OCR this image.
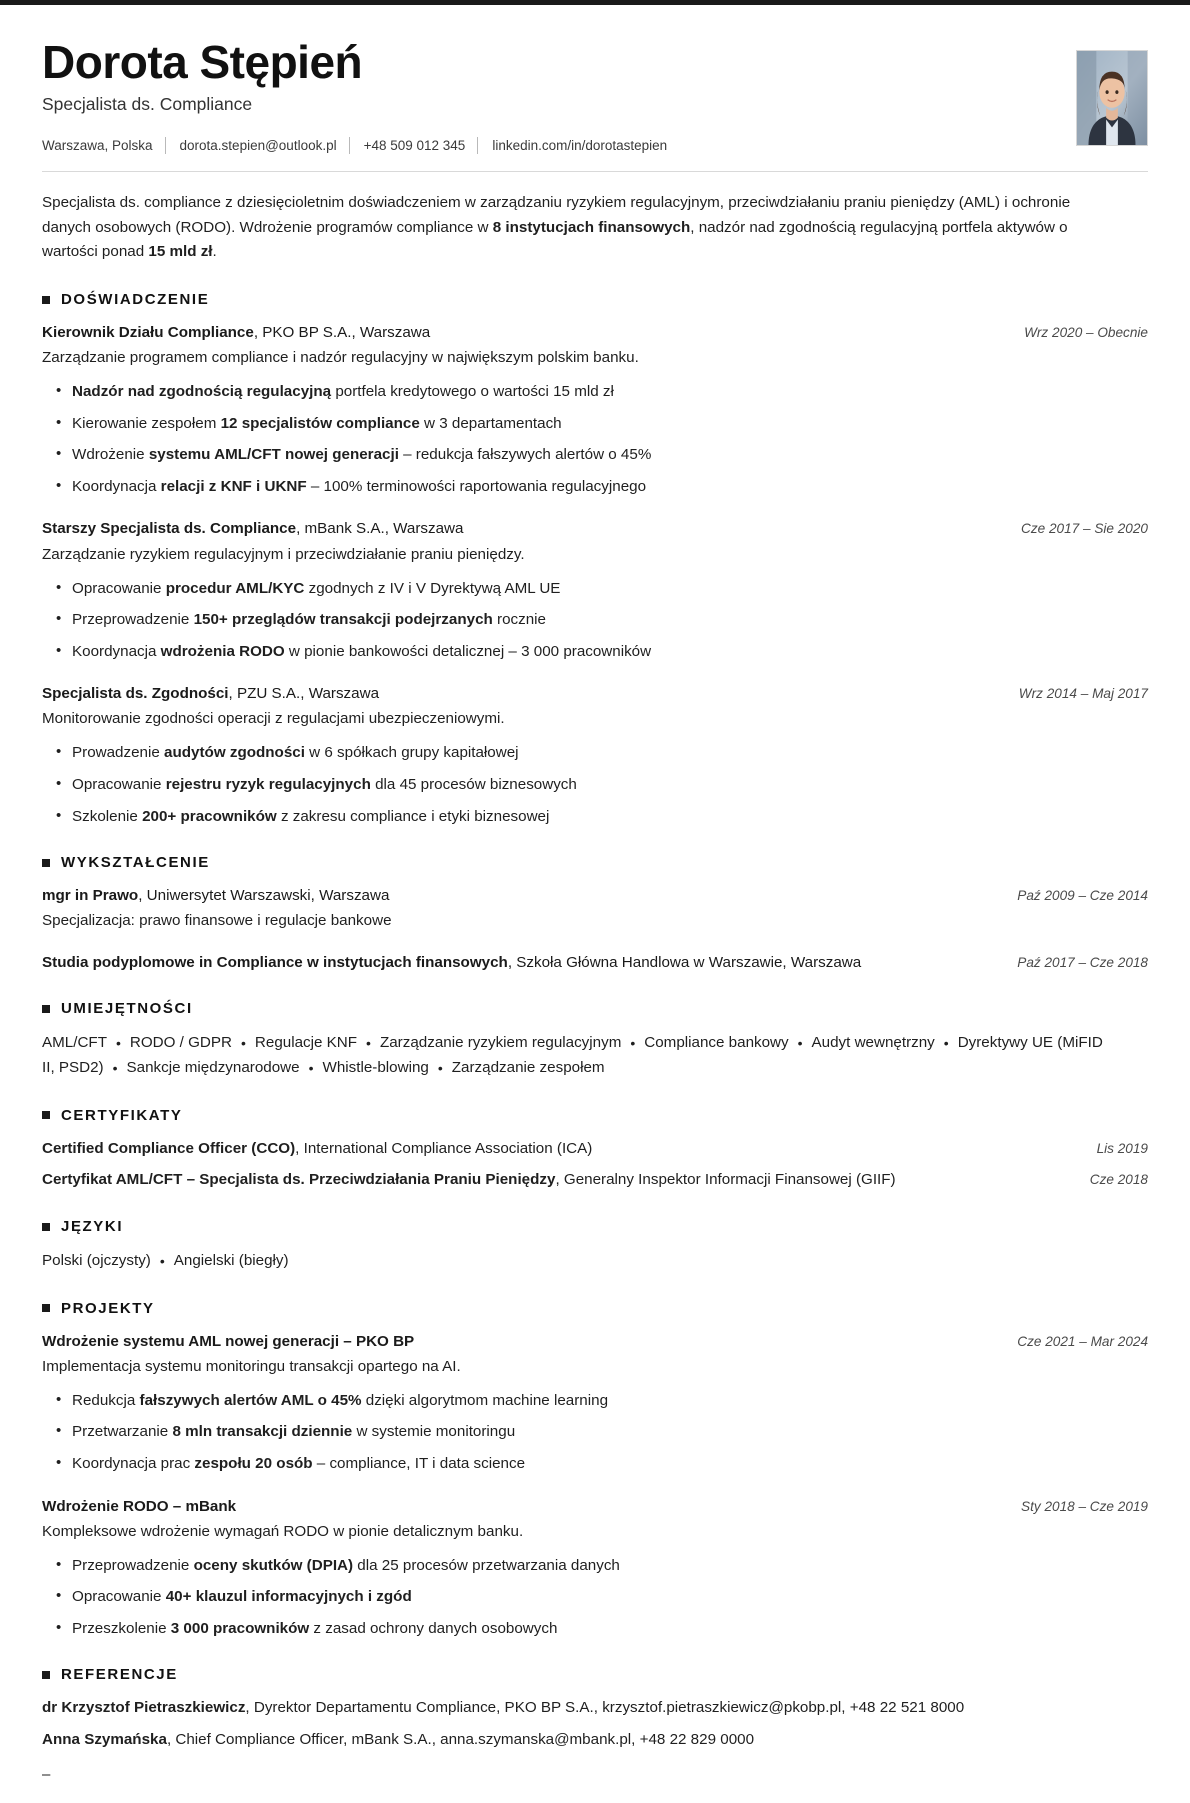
Dorota Stępień
Specjalista ds. Compliance
Warszawa, Polska dorota.stepien@outlook.pl +48 509 012 345 linkedin.com/in/dorotastepien

Specjalista ds. compliance z dziesięcioletnim doświadczeniem w zarządzaniu ryzykiem regulacyjnym, przeciwdziałaniu praniu pieniędzy (AML) i ochronie danych osobowych (RODO). Wdrożenie programów compliance w 8 instytucjach finansowych, nadzór nad zgodnością regulacyjną portfela aktywów o wartości ponad 15 mld zł.

DOŚWIADCZENIE
Kierownik Działu Compliance, PKO BP S.A., Warszawa	Wrz 2020 – Obecnie
Zarządzanie programem compliance i nadzór regulacyjny w największym polskim banku.
• Nadzór nad zgodnością regulacyjną portfela kredytowego o wartości 15 mld zł
• Kierowanie zespołem 12 specjalistów compliance w 3 departamentach
• Wdrożenie systemu AML/CFT nowej generacji – redukcja fałszywych alertów o 45%
• Koordynacja relacji z KNF i UKNF – 100% terminowości raportowania regulacyjnego
Starszy Specjalista ds. Compliance, mBank S.A., Warszawa	Cze 2017 – Sie 2020
Zarządzanie ryzykiem regulacyjnym i przeciwdziałanie praniu pieniędzy.
• Opracowanie procedur AML/KYC zgodnych z IV i V Dyrektywą AML UE
• Przeprowadzenie 150+ przeglądów transakcji podejrzanych rocznie
• Koordynacja wdrożenia RODO w pionie bankowości detalicznej – 3 000 pracowników
Specjalista ds. Zgodności, PZU S.A., Warszawa	Wrz 2014 – Maj 2017
Monitorowanie zgodności operacji z regulacjami ubezpieczeniowymi.
• Prowadzenie audytów zgodności w 6 spółkach grupy kapitałowej
• Opracowanie rejestru ryzyk regulacyjnych dla 45 procesów biznesowych
• Szkolenie 200+ pracowników z zakresu compliance i etyki biznesowej
WYKSZTAŁCENIE
mgr in Prawo, Uniwersytet Warszawski, Warszawa	Paź 2009 – Cze 2014
Specjalizacja: prawo finansowe i regulacje bankowe
Studia podyplomowe in Compliance w instytucjach finansowych, Szkoła Główna Handlowa w Warszawie, Warszawa	Paź 2017 – Cze 2018
UMIEJĘTNOŚCI
AML/CFT • RODO / GDPR • Regulacje KNF • Zarządzanie ryzykiem regulacyjnym • Compliance bankowy • Audyt wewnętrzny • Dyrektywy UE (MiFID II, PSD2) • Sankcje międzynarodowe • Whistle-blowing • Zarządzanie zespołem
CERTYFIKATY
Certified Compliance Officer (CCO), International Compliance Association (ICA)	Lis 2019
Certyfikat AML/CFT – Specjalista ds. Przeciwdziałania Praniu Pieniędzy, Generalny Inspektor Informacji Finansowej (GIIF)	Cze 2018
JĘZYKI
Polski (ojczysty) • Angielski (biegły)
PROJEKTY
Wdrożenie systemu AML nowej generacji – PKO BP	Cze 2021 – Mar 2024
Implementacja systemu monitoringu transakcji opartego na AI.
• Redukcja fałszywych alertów AML o 45% dzięki algorytmom machine learning
• Przetwarzanie 8 mln transakcji dziennie w systemie monitoringu
• Koordynacja prac zespołu 20 osób – compliance, IT i data science
Wdrożenie RODO – mBank	Sty 2018 – Cze 2019
Kompleksowe wdrożenie wymagań RODO w pionie detalicznym banku.
• Przeprowadzenie oceny skutków (DPIA) dla 25 procesów przetwarzania danych
• Opracowanie 40+ klauzul informacyjnych i zgód
• Przeszkolenie 3 000 pracowników z zasad ochrony danych osobowych
REFERENCJE
dr Krzysztof Pietraszkiewicz, Dyrektor Departamentu Compliance, PKO BP S.A., krzysztof.pietraszkiewicz@pkobp.pl, +48 22 521 8000
Anna Szymańska, Chief Compliance Officer, mBank S.A., anna.szymanska@mbank.pl, +48 22 829 0000
–
